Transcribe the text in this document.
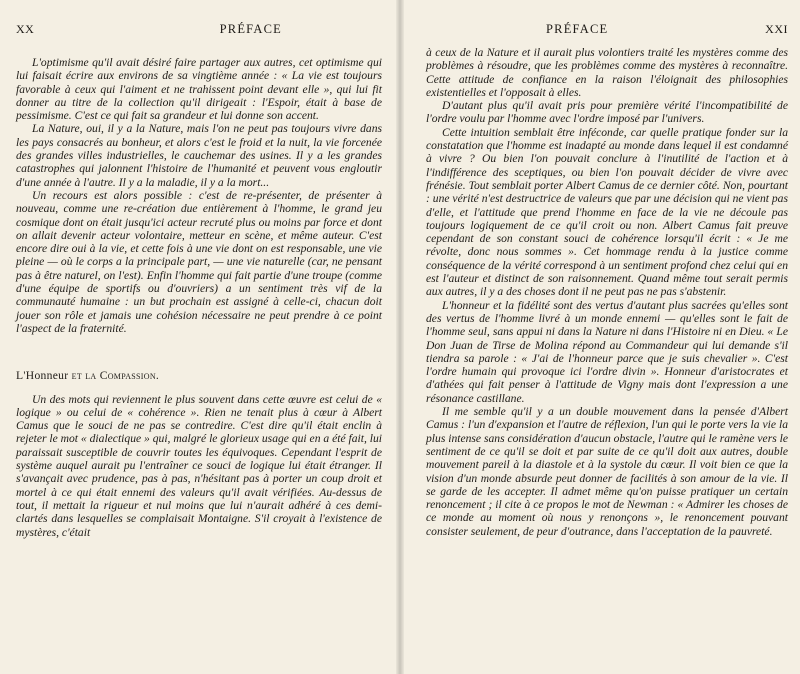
XX	PRÉFACE

L'optimisme qu'il avait désiré faire partager aux autres, cet optimisme qui lui faisait écrire aux environs de sa vingtième année : « La vie est toujours favorable à ceux qui l'aiment et ne trahissent point devant elle », qui lui fit donner au titre de la collection qu'il dirigeait : l'Espoir, était à base de pessimisme. C'est ce qui fait sa grandeur et lui donne son accent.

La Nature, oui, il y a la Nature, mais l'on ne peut pas toujours vivre dans les pays consacrés au bonheur, et alors c'est le froid et la nuit, la vie forcenée des grandes villes industrielles, le cauchemar des usines. Il y a les grandes catastrophes qui jalonnent l'histoire de l'humanité et peuvent vous engloutir d'une année à l'autre. Il y a la maladie, il y a la mort...

Un recours est alors possible : c'est de re-présenter, de présenter à nouveau, comme une re-création due entièrement à l'homme, le grand jeu cosmique dont on était jusqu'ici acteur recruté plus ou moins par force et dont on allait devenir acteur volontaire, metteur en scène, et même auteur. C'est encore dire oui à la vie, et cette fois à une vie dont on est responsable, une vie pleine — où le corps a la principale part, — une vie naturelle (car, ne pensant pas à être naturel, on l'est). Enfin l'homme qui fait partie d'une troupe (comme d'une équipe de sportifs ou d'ouvriers) a un sentiment très vif de la communauté humaine : un but prochain est assigné à celle-ci, chacun doit jouer son rôle et jamais une cohésion nécessaire ne peut prendre à ce point l'aspect de la fraternité.

L'Honneur et la Compassion.

Un des mots qui reviennent le plus souvent dans cette œuvre est celui de « logique » ou celui de « cohérence ». Rien ne tenait plus à cœur à Albert Camus que le souci de ne pas se contredire. C'est dire qu'il était enclin à rejeter le mot « dialectique » qui, malgré le glorieux usage qui en a été fait, lui paraissait susceptible de couvrir toutes les équivoques. Cependant l'esprit de système auquel aurait pu l'entraîner ce souci de logique lui était étranger. Il s'avançait avec prudence, pas à pas, n'hésitant pas à porter un coup droit et mortel à ce qui était ennemi des valeurs qu'il avait vérifiées. Au-dessus de tout, il mettait la rigueur et nul moins que lui n'aurait adhéré à ces demi-clartés dans lesquelles se complaisait Montaigne. S'il croyait à l'existence de mystères, c'était

PRÉFACE	XXI

à ceux de la Nature et il aurait plus volontiers traité les mystères comme des problèmes à résoudre, que les problèmes comme des mystères à reconnaître. Cette attitude de confiance en la raison l'éloignait des philosophies existentielles et l'opposait à elles.

D'autant plus qu'il avait pris pour première vérité l'incompatibilité de l'ordre voulu par l'homme avec l'ordre imposé par l'univers.

Cette intuition semblait être inféconde, car quelle pratique fonder sur la constatation que l'homme est inadapté au monde dans lequel il est condamné à vivre ? Ou bien l'on pouvait conclure à l'inutilité de l'action et à l'indifférence des sceptiques, ou bien l'on pouvait décider de vivre avec frénésie. Tout semblait porter Albert Camus de ce dernier côté. Non, pourtant : une vérité n'est destructrice de valeurs que par une décision qui ne vient pas d'elle, et l'attitude que prend l'homme en face de la vie ne découle pas toujours logiquement de ce qu'il croit ou non. Albert Camus fait preuve cependant de son constant souci de cohérence lorsqu'il écrit : « Je me révolte, donc nous sommes ». Cet hommage rendu à la justice comme conséquence de la vérité correspond à un sentiment profond chez celui qui en est l'auteur et distinct de son raisonnement. Quand même tout serait permis aux autres, il y a des choses dont il ne peut pas ne pas s'abstenir.

L'honneur et la fidélité sont des vertus d'autant plus sacrées qu'elles sont des vertus de l'homme livré à un monde ennemi — qu'elles sont le fait de l'homme seul, sans appui ni dans la Nature ni dans l'Histoire ni en Dieu. « Le Don Juan de Tirse de Molina répond au Commandeur qui lui demande s'il tiendra sa parole : « J'ai de l'honneur parce que je suis chevalier ». C'est l'ordre humain qui provoque ici l'ordre divin ». Honneur d'aristocrates et d'athées qui fait penser à l'attitude de Vigny mais dont l'expression a une résonance castillane.

Il me semble qu'il y a un double mouvement dans la pensée d'Albert Camus : l'un d'expansion et l'autre de réflexion, l'un qui le porte vers la vie la plus intense sans considération d'aucun obstacle, l'autre qui le ramène vers le sentiment de ce qu'il se doit et par suite de ce qu'il doit aux autres, double mouvement pareil à la diastole et à la systole du cœur. Il voit bien ce que la vision d'un monde absurde peut donner de facilités à son amour de la vie. Il se garde de les accepter. Il admet même qu'on puisse pratiquer un certain renoncement ; il cite à ce propos le mot de Newman : « Admirer les choses de ce monde au moment où nous y renonçons », le renoncement pouvant consister seulement, de peur d'outrance, dans l'acceptation de la pauvreté.
